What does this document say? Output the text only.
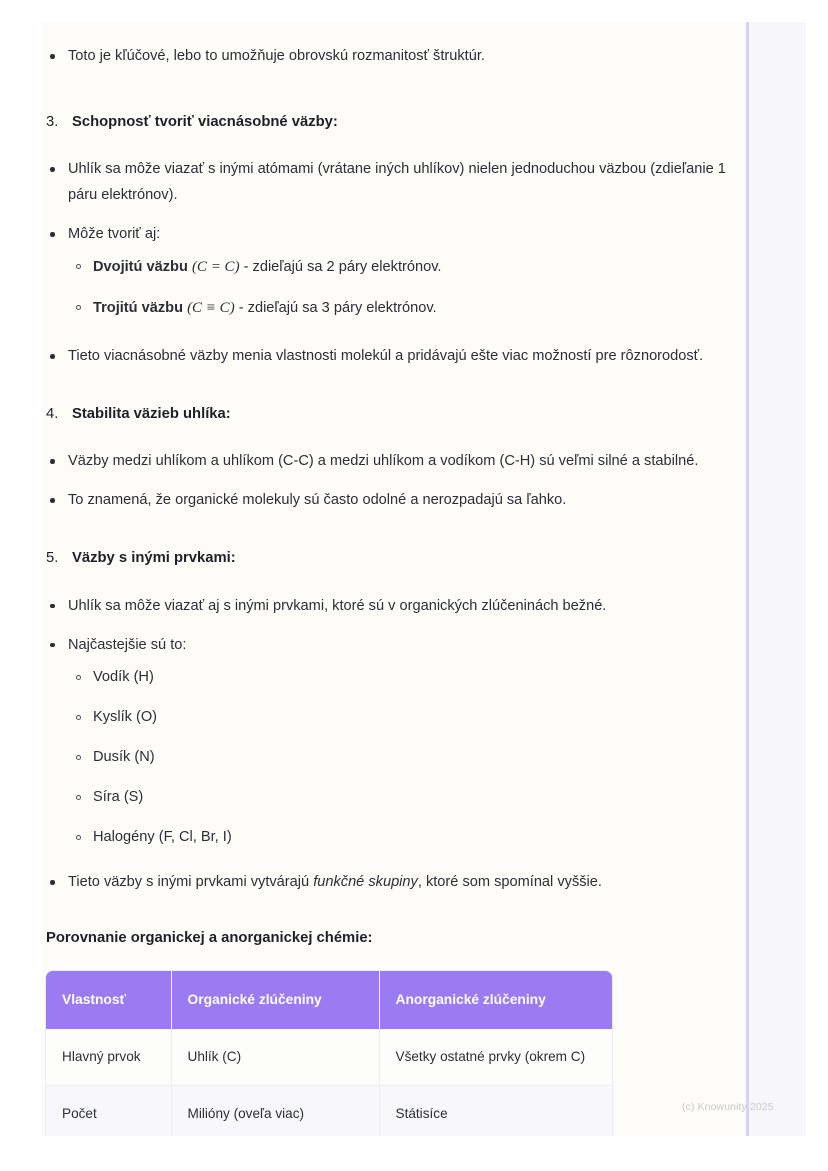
Toto je kľúčové, lebo to umožňuje obrovskú rozmanitosť štruktúr.
3. Schopnosť tvoriť viacnásobné väzby:
Uhlík sa môže viazať s inými atómami (vrátane iných uhlíkov) nielen jednoduchou väzbou (zdieľanie 1 páru elektrónov).
Môže tvoriť aj:
Dvojitú väzbu (C = C) - zdieľajú sa 2 páry elektrónov.
Trojitú väzbu (C ≡ C) - zdieľajú sa 3 páry elektrónov.
Tieto viacnásobné väzby menia vlastnosti molekúl a pridávajú ešte viac možností pre rôznorodosť.
4. Stabilita väzieb uhlíka:
Väzby medzi uhlíkom a uhlíkom (C-C) a medzi uhlíkom a vodíkom (C-H) sú veľmi silné a stabilné.
To znamená, že organické molekuly sú často odolné a nerozpadajú sa ľahko.
5. Väzby s inými prvkami:
Uhlík sa môže viazať aj s inými prvkami, ktoré sú v organických zlúčeninách bežné.
Najčastejšie sú to:
Vodík (H)
Kyslík (O)
Dusík (N)
Síra (S)
Halogény (F, Cl, Br, I)
Tieto väzby s inými prvkami vytvárajú funkčné skupiny, ktoré som spomínal vyššie.
Porovnanie organickej a anorganickej chémie:
Vlastnosť	Organické zlúčeniny	Anorganické zlúčeniny
Hlavný prvok	Uhlík (C)	Všetky ostatné prvky (okrem C)
Počet	Milióny (oveľa viac)	Státisíce	(c) Knowunity 2025
